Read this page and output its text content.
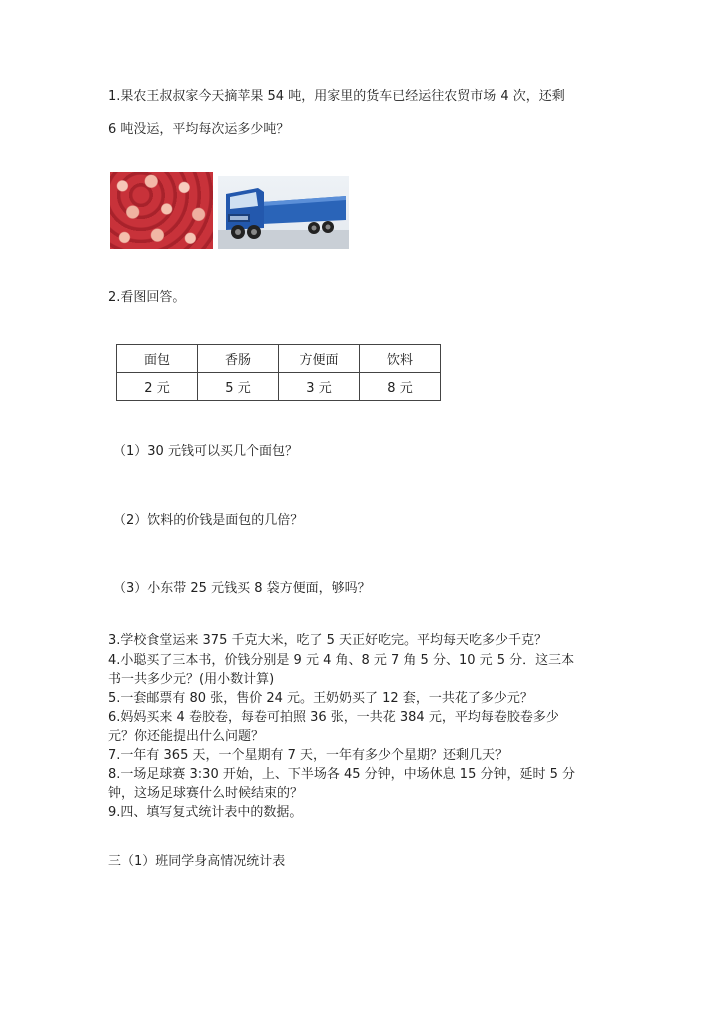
1.果农王叔叔家今天摘苹果 54 吨，用家里的货车已经运往农贸市场 4 次，还剩
6 吨没运，平均每次运多少吨？
2.看图回答。
面包	香肠	方便面	饮料
2 元	5 元	3 元	8 元
（1）30 元钱可以买几个面包？
（2）饮料的价钱是面包的几倍？
（3）小东带 25 元钱买 8 袋方便面，够吗？
3.学校食堂运来 375 千克大米，吃了 5 天正好吃完。平均每天吃多少千克？
4.小聪买了三本书，价钱分别是 9 元 4 角、8 元 7 角 5 分、10 元 5 分．这三本
书一共多少元？(用小数计算)
5.一套邮票有 80 张，售价 24 元。王奶奶买了 12 套，一共花了多少元？
6.妈妈买来 4 卷胶卷，每卷可拍照 36 张，一共花 384 元，平均每卷胶卷多少
元？你还能提出什么问题？
7.一年有 365 天，一个星期有 7 天，一年有多少个星期？还剩几天？
8.一场足球赛 3:30 开始，上、下半场各 45 分钟，中场休息 15 分钟，延时 5 分
钟，这场足球赛什么时候结束的？
9.四、填写复式统计表中的数据。
三（1）班同学身高情况统计表
